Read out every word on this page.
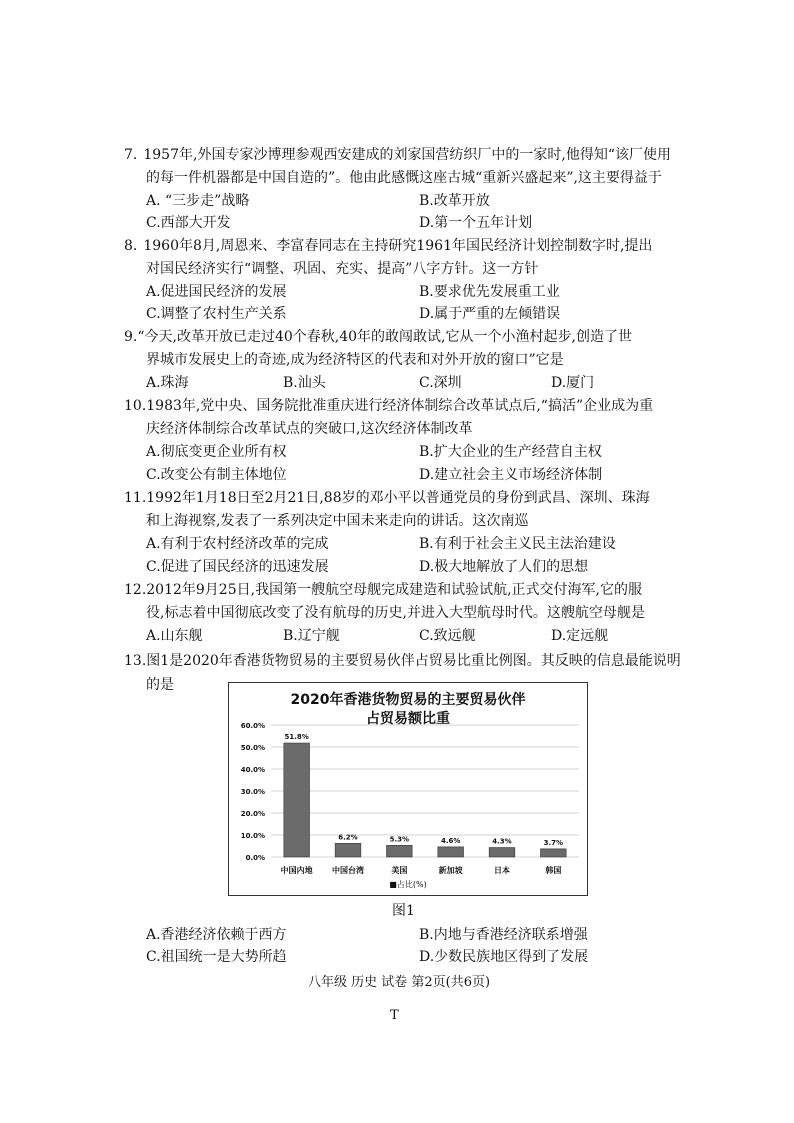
7. 1957年,外国专家沙博理参观西安建成的刘家国营纺织厂中的一家时,他得知“该厂使用
的每一件机器都是中国自造的”。他由此感慨这座古城“重新兴盛起来”,这主要得益于
A. “三步走”战略	B.改革开放
C.西部大开发	D.第一个五年计划
8. 1960年8月,周恩来、李富春同志在主持研究1961年国民经济计划控制数字时,提出
对国民经济实行“调整、巩固、充实、提高”八字方针。这一方针
A.促进国民经济的发展	B.要求优先发展重工业
C.调整了农村生产关系	D.属于严重的左倾错误
9.“今天,改革开放已走过40个春秋,40年的敢闯敢试,它从一个小渔村起步,创造了世
界城市发展史上的奇迹,成为经济特区的代表和对外开放的窗口”它是
A.珠海	B.汕头	C.深圳	D.厦门
10.1983年,党中央、国务院批准重庆进行经济体制综合改革试点后,“搞活”企业成为重
庆经济体制综合改革试点的突破口,这次经济体制改革
A.彻底变更企业所有权	B.扩大企业的生产经营自主权
C.改变公有制主体地位	D.建立社会主义市场经济体制
11.1992年1月18日至2月21日,88岁的邓小平以普通党员的身份到武昌、深圳、珠海
和上海视察,发表了一系列决定中国未来走向的讲话。这次南巡
A.有利于农村经济改革的完成	B.有利于社会主义民主法治建设
C.促进了国民经济的迅速发展	D.极大地解放了人们的思想
12.2012年9月25日,我国第一艘航空母舰完成建造和试验试航,正式交付海军,它的服
役,标志着中国彻底改变了没有航母的历史,并进入大型航母时代。这艘航空母舰是
A.山东舰	B.辽宁舰	C.致远舰	D.定远舰
13.图1是2020年香港货物贸易的主要贸易伙伴占贸易比重比例图。其反映的信息最能说明
的是
2020年香港货物贸易的主要贸易伙伴
占贸易额比重
0.0%
10.0%
20.0%
30.0%
40.0%
50.0%
60.0%
51.8%
6.2%	5.3%	4.6%	4.3%	3.7%
中国内地 中国台湾	美国	新加坡	日本	韩国
■占比(%)
图1
A.香港经济依赖于西方	B.内地与香港经济联系增强
C.祖国统一是大势所趋	D.少数民族地区得到了发展
八年级 历史 试卷 第2页(共6页)
T
